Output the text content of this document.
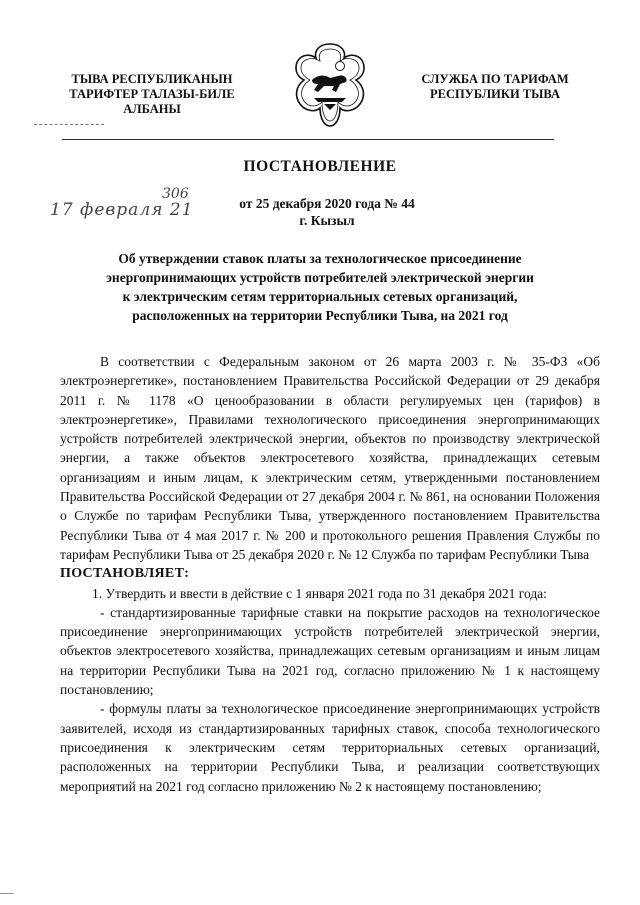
ТЫВА РЕСПУБЛИКАНЫН
ТАРИФТЕР ТАЛАЗЫ-БИЛЕ
АЛБАНЫ
СЛУЖБА ПО ТАРИФАМ
РЕСПУБЛИКИ ТЫВА
ПОСТАНОВЛЕНИЕ
306
17 февраля 21	от 25 декабря 2020 года № 44
г. Кызыл
Об утверждении ставок платы за технологическое присоединение
энергопринимающих устройств потребителей электрической энергии
к электрическим сетям территориальных сетевых организаций,
расположенных на территории Республики Тыва, на 2021 год

В соответствии с Федеральным законом от 26 марта 2003 г. № 35-ФЗ «Об электроэнергетике», постановлением Правительства Российской Федерации от 29 декабря 2011 г. № 1178 «О ценообразовании в области регулируемых цен (тарифов) в электроэнергетике», Правилами технологического присоединения энергопринимающих устройств потребителей электрической энергии, объектов по производству электрической энергии, а также объектов электросетевого хозяйства, принадлежащих сетевым организациям и иным лицам, к электрическим сетям, утвержденными постановлением Правительства Российской Федерации от 27 декабря 2004 г. № 861, на основании Положения о Службе по тарифам Республики Тыва, утвержденного постановлением Правительства Республики Тыва от 4 мая 2017 г. № 200 и протокольного решения Правления Службы по тарифам Республики Тыва от 25 декабря 2020 г. № 12 Служба по тарифам Республики Тыва

ПОСТАНОВЛЯЕТ:

1. Утвердить и ввести в действие с 1 января 2021 года по 31 декабря 2021 года:

- стандартизированные тарифные ставки на покрытие расходов на технологическое присоединение энергопринимающих устройств потребителей электрической энергии, объектов электросетевого хозяйства, принадлежащих сетевым организациям и иным лицам на территории Республики Тыва на 2021 год, согласно приложению № 1 к настоящему постановлению;

- формулы платы за технологическое присоединение энергопринимающих устройств заявителей, исходя из стандартизированных тарифных ставок, способа технологического присоединения к электрическим сетям территориальных сетевых организаций, расположенных на территории Республики Тыва, и реализации соответствующих мероприятий на 2021 год согласно приложению № 2 к настоящему постановлению;
